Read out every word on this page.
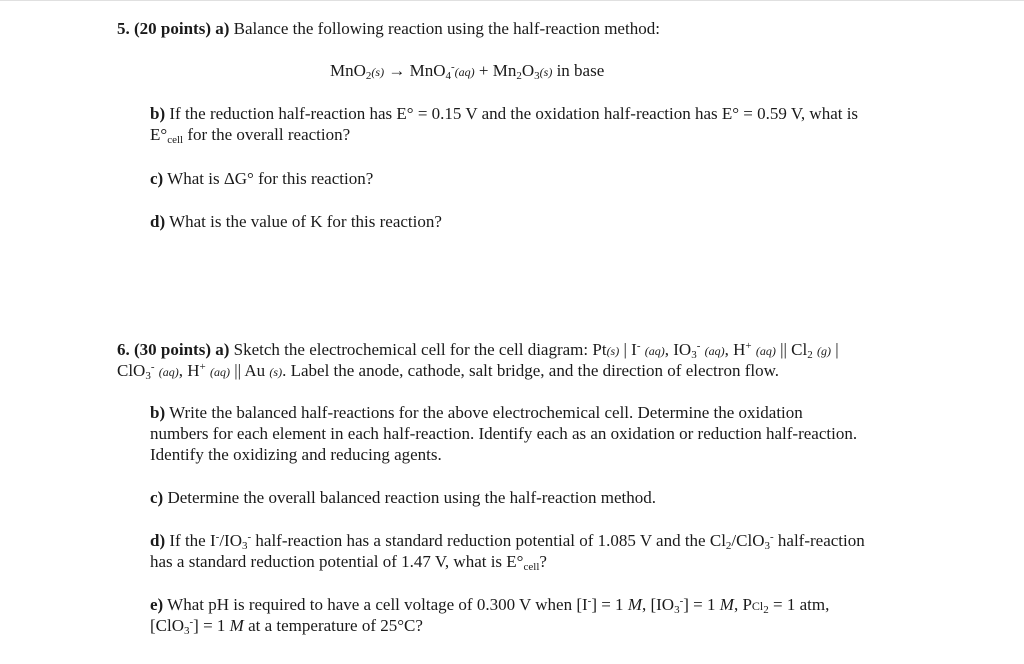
5. (20 points) a) Balance the following reaction using the half-reaction method:
$MnO_2(s) \to MnO_4^-(aq) + Mn_2O_3(s)$ in base
b) If the reduction half-reaction has E° = 0.15 V and the oxidation half-reaction has E° = 0.59 V, what is
$E^\circ_{cell}$ for the overall reaction?
c) What is ΔG° for this reaction?
d) What is the value of K for this reaction?
6. (30 points) a) Sketch the electrochemical cell for the cell diagram: Pt(s) | I- (aq), $IO_3^-$ (aq), H+ (aq) || $Cl_2$ (g) |
ClO$_3$- (aq), H+ (aq) || Au (s). Label the anode, cathode, salt bridge, and the direction of electron flow.
b) Write the balanced half-reactions for the above electrochemical cell. Determine the oxidation
numbers for each element in each half-reaction. Identify each as an oxidation or reduction half-reaction.
Identify the oxidizing and reducing agents.
c) Determine the overall balanced reaction using the half-reaction method.
d) If the $I^-/IO_3^-$ half-reaction has a standard reduction potential of 1.085 V and the $Cl_2/ClO_3^-$ half-reaction
has a standard reduction potential of 1.47 V, what is $E^\circ_{cell}$?
e) What pH is required to have a cell voltage of 0.300 V when [I-] = 1 M, $[IO_3^-] = 1$ M, PCl$_2$ = 1 atm,
[ClO$_3$-] = 1 M at a temperature of 25°C?
